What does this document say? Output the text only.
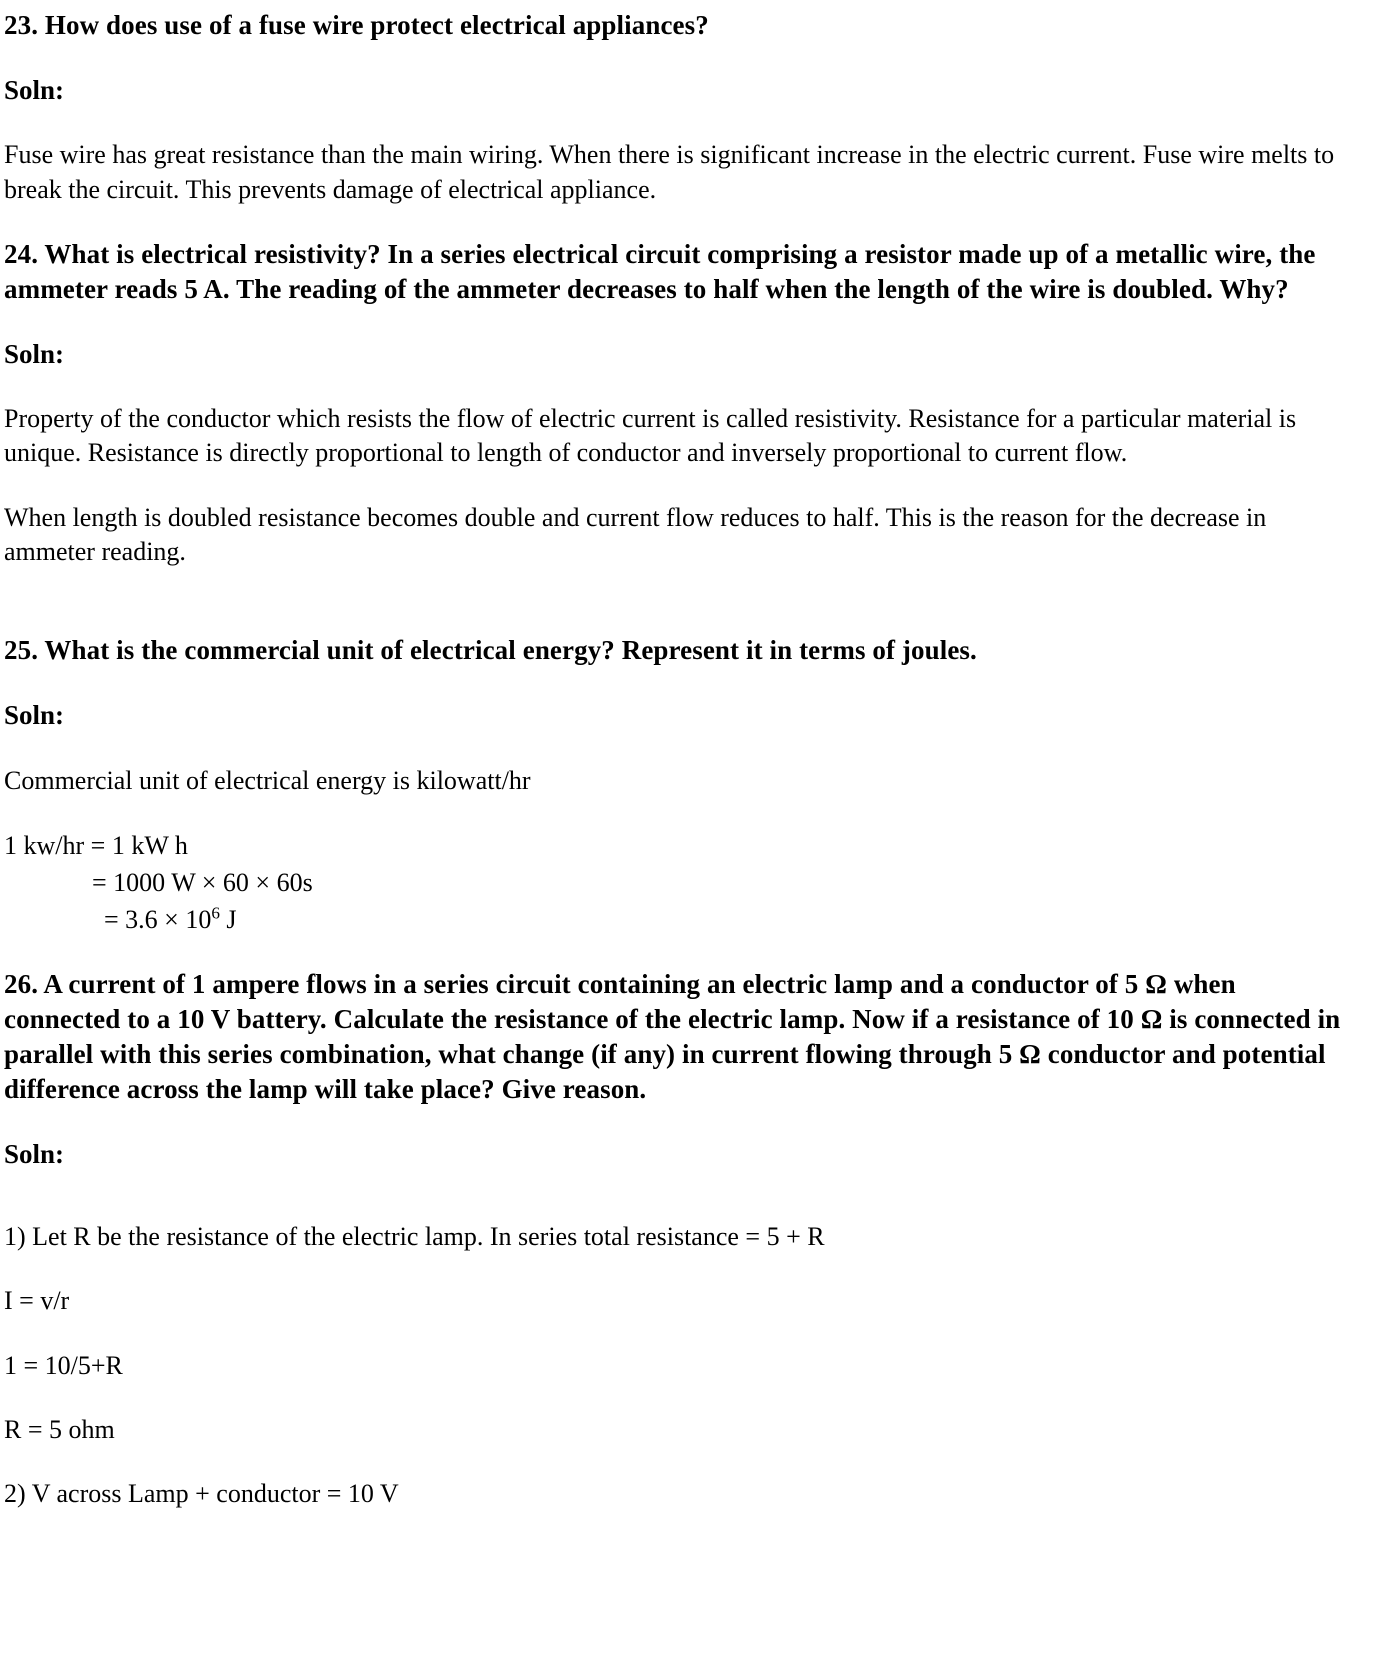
23. How does use of a fuse wire protect electrical appliances?

Soln:

Fuse wire has great resistance than the main wiring. When there is significant increase in the electric current. Fuse wire melts to break the circuit. This prevents damage of electrical appliance.

24. What is electrical resistivity? In a series electrical circuit comprising a resistor made up of a metallic wire, the ammeter reads 5 A. The reading of the ammeter decreases to half when the length of the wire is doubled. Why?

Soln:

Property of the conductor which resists the flow of electric current is called resistivity. Resistance for a particular material is unique. Resistance is directly proportional to length of conductor and inversely proportional to current flow.

When length is doubled resistance becomes double and current flow reduces to half. This is the reason for the decrease in ammeter reading.

25. What is the commercial unit of electrical energy? Represent it in terms of joules.

Soln:

Commercial unit of electrical energy is kilowatt/hr

1 kw/hr = 1 kW h
= 1000 W × 60 × 60s
= $3.6 \times 10^6$ J

26. A current of 1 ampere flows in a series circuit containing an electric lamp and a conductor of 5 Ω when connected to a 10 V battery. Calculate the resistance of the electric lamp. Now if a resistance of 10 Ω is connected in parallel with this series combination, what change (if any) in current flowing through 5 Ω conductor and potential difference across the lamp will take place? Give reason.

Soln:

1) Let R be the resistance of the electric lamp. In series total resistance = 5 + R

I = v/r

1 = 10/5+R

R = 5 ohm

2) V across Lamp + conductor = 10 V
